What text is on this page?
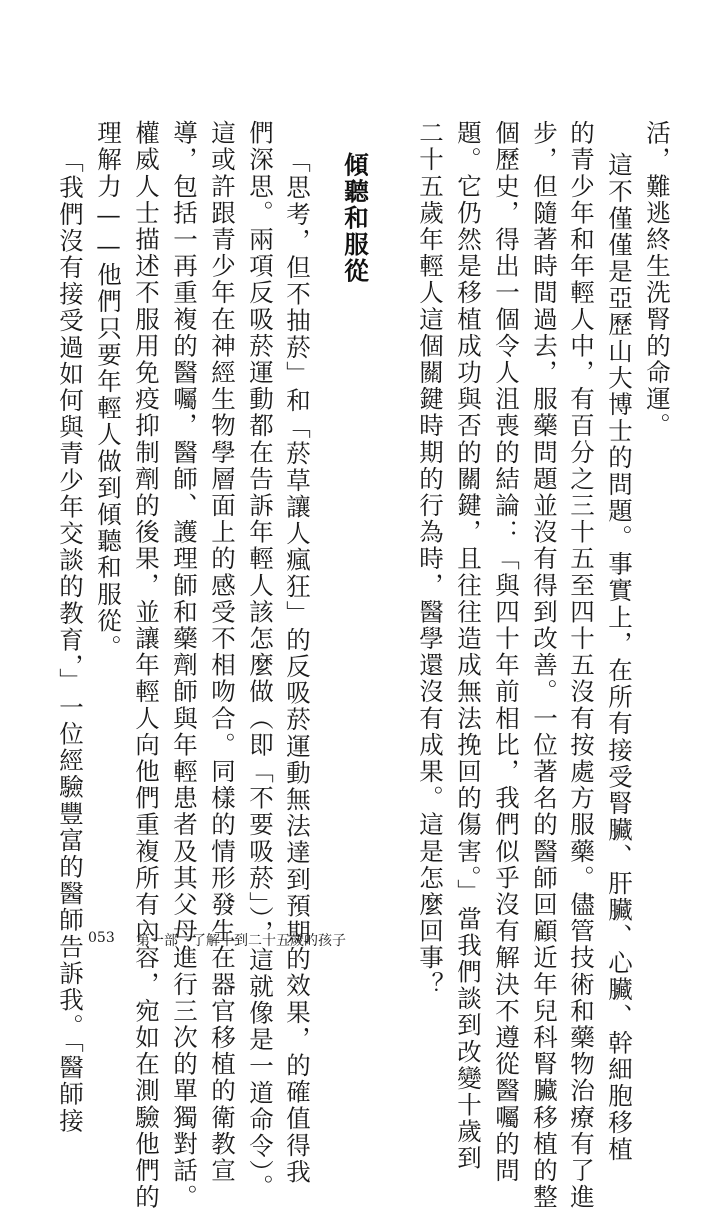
活，難逃終生洗腎的命運。
這不僅僅是亞歷山大博士的問題。事實上，在所有接受腎臟、肝臟、心臟、幹細胞移植
的青少年和年輕人中，有百分之三十五至四十五沒有按處方服藥。儘管技術和藥物治療有了進
步，但隨著時間過去，服藥問題並沒有得到改善。一位著名的醫師回顧近年兒科腎臟移植的整
個歷史，得出一個令人沮喪的結論：「與四十年前相比，我們似乎沒有解決不遵從醫囑的問
題。它仍然是移植成功與否的關鍵，且往往造成無法挽回的傷害。」當我們談到改變十歲到
二十五歲年輕人這個關鍵時期的行為時，醫學還沒有成果。這是怎麼回事？
傾聽和服從
「思考，但不抽菸」和「菸草讓人瘋狂」的反吸菸運動無法達到預期的效果，的確值得我
們深思。兩項反吸菸運動都在告訴年輕人該怎麼做（即「不要吸菸」），這就像是一道命令）。
這或許跟青少年在神經生物學層面上的感受不相吻合。同樣的情形發生在器官移植的衛教宣
導，包括一再重複的醫囑，醫師、護理師和藥劑師與年輕患者及其父母進行三次的單獨對話。
權威人士描述不服用免疫抑制劑的後果，並讓年輕人向他們重複所有內容，宛如在測驗他們的
理解力——他們只要年輕人做到傾聽和服從。
「我們沒有接受過如何與青少年交談的教育，」一位經驗豐富的醫師告訴我。「醫師接 053 第一部　了解十到二十五歲的孩子
